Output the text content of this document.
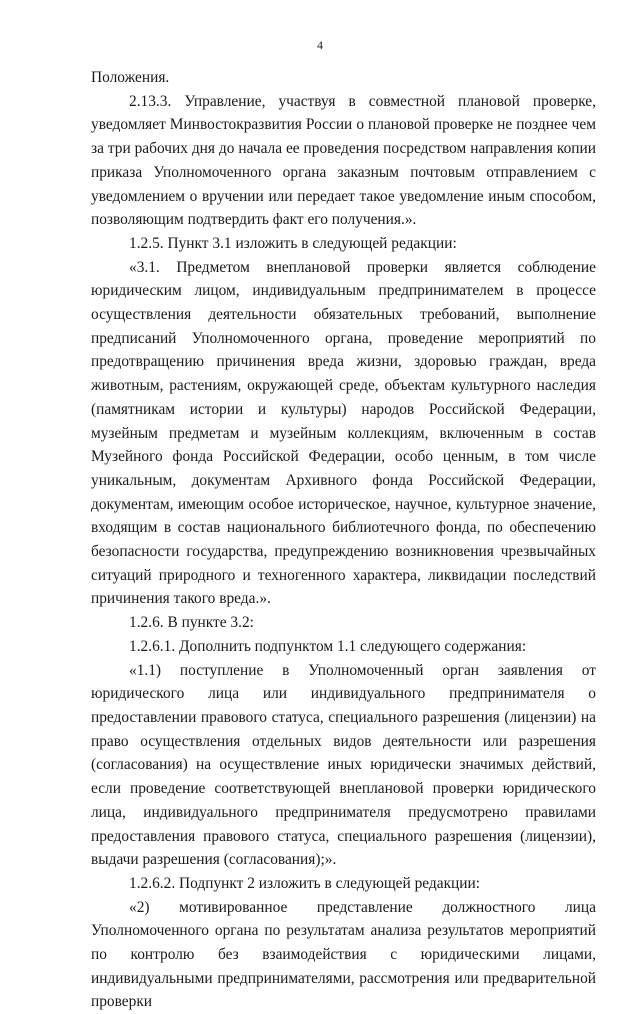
4

Положения.

2.13.3. Управление, участвуя в совместной плановой проверке, уведомляет Минвостокразвития России о плановой проверке не позднее чем за три рабочих дня до начала ее проведения посредством направления копии приказа Уполномоченного органа заказным почтовым отправлением с уведомлением о вручении или передает такое уведомление иным способом, позволяющим подтвердить факт его получения.».

1.2.5. Пункт 3.1 изложить в следующей редакции:

«3.1. Предметом внеплановой проверки является соблюдение юридическим лицом, индивидуальным предпринимателем в процессе осуществления деятельности обязательных требований, выполнение предписаний Уполномоченного органа, проведение мероприятий по предотвращению причинения вреда жизни, здоровью граждан, вреда животным, растениям, окружающей среде, объектам культурного наследия (памятникам истории и культуры) народов Российской Федерации, музейным предметам и музейным коллекциям, включенным в состав Музейного фонда Российской Федерации, особо ценным, в том числе уникальным, документам Архивного фонда Российской Федерации, документам, имеющим особое историческое, научное, культурное значение, входящим в состав национального библиотечного фонда, по обеспечению безопасности государства, предупреждению возникновения чрезвычайных ситуаций природного и техногенного характера, ликвидации последствий причинения такого вреда.».

1.2.6. В пункте 3.2:

1.2.6.1. Дополнить подпунктом 1.1 следующего содержания:

«1.1) поступление в Уполномоченный орган заявления от юридического лица или индивидуального предпринимателя о предоставлении правового статуса, специального разрешения (лицензии) на право осуществления отдельных видов деятельности или разрешения (согласования) на осуществление иных юридически значимых действий, если проведение соответствующей внеплановой проверки юридического лица, индивидуального предпринимателя предусмотрено правилами предоставления правового статуса, специального разрешения (лицензии), выдачи разрешения (согласования);».

1.2.6.2. Подпункт 2 изложить в следующей редакции:

«2) мотивированное представление должностного лица Уполномоченного органа по результатам анализа результатов мероприятий по контролю без взаимодействия с юридическими лицами, индивидуальными предпринимателями, рассмотрения или предварительной проверки
